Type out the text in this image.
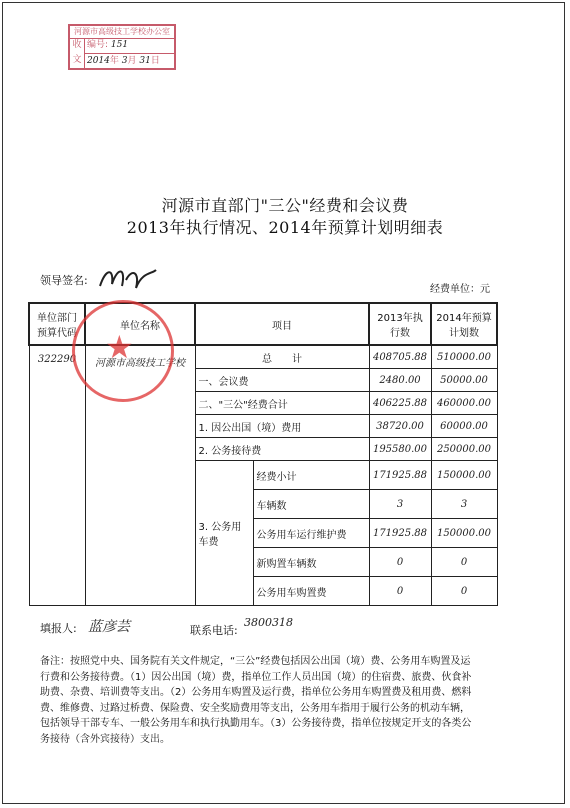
河源市高级技工学校办公室
收
文
编号: 151
2014年 3月 31日
河源市直部门"三公"经费和会议费
2013年执行情况、2014年预算计划明细表
领导签名:
经费单位：元
单位部门预算代码	单位名称	项目		2013年执行数	2014年预算计划数
322290	河源市高级技工学校	总　　计		408705.88	510000.00
		一、会议费		2480.00	50000.00
		二、"三公"经费合计		406225.88	460000.00
		1. 因公出国（境）费用		38720.00	60000.00
		2. 公务接待费		195580.00	250000.00
		3. 公务用车费	经费小计	171925.88	150000.00
			车辆数	3	3
			公务用车运行维护费	171925.88	150000.00
			新购置车辆数	0	0
			公务用车购置费	0	0
★
填报人: 蓝彦芸	联系电话:
3800318
备注：按照党中央、国务院有关文件规定，“三公”经费包括因公出国（境）费、公务用车购置及运行费和公务接待费。（1）因公出国（境）费，指单位工作人员出国（境）的住宿费、旅费、伙食补助费、杂费、培训费等支出。（2）公务用车购置及运行费，指单位公务用车购置费及租用费、燃料费、维修费、过路过桥费、保险费、安全奖励费用等支出，公务用车指用于履行公务的机动车辆，包括领导干部专车、一般公务用车和执行执勤用车。（3）公务接待费，指单位按规定开支的各类公务接待（含外宾接待）支出。
